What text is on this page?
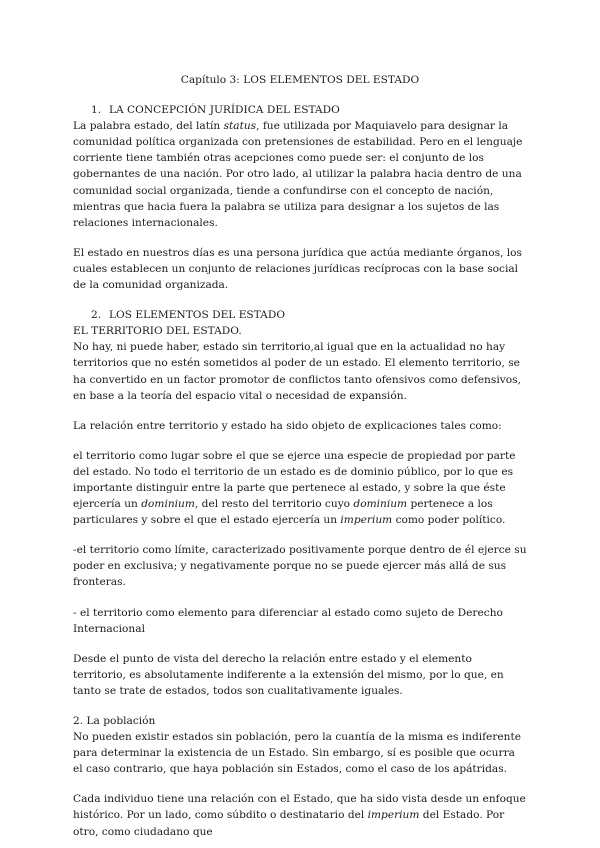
Capítulo 3: LOS ELEMENTOS DEL ESTADO
1. LA CONCEPCIÓN JURÍDICA DEL ESTADO

La palabra estado, del latín status, fue utilizada por Maquiavelo para designar la comunidad política organizada con pretensiones de estabilidad. Pero en el lenguaje corriente tiene también otras acepciones como puede ser: el conjunto de los gobernantes de una nación. Por otro lado, al utilizar la palabra hacia dentro de una comunidad social organizada, tiende a confundirse con el concepto de nación, mientras que hacia fuera la palabra se utiliza para designar a los sujetos de las relaciones internacionales.

El estado en nuestros días es una persona jurídica que actúa mediante órganos, los cuales establecen un conjunto de relaciones jurídicas recíprocas con la base social de la comunidad organizada.

2. LOS ELEMENTOS DEL ESTADO
EL TERRITORIO DEL ESTADO.

No hay, ni puede haber, estado sin territorio,al igual que en la actualidad no hay territorios que no estén sometidos al poder de un estado. El elemento territorio, se ha convertido en un factor promotor de conflictos tanto ofensivos como defensivos, en base a la teoría del espacio vital o necesidad de expansión.

La relación entre territorio y estado ha sido objeto de explicaciones tales como:

el territorio como lugar sobre el que se ejerce una especie de propiedad por parte del estado. No todo el territorio de un estado es de dominio público, por lo que es importante distinguir entre la parte que pertenece al estado, y sobre la que éste ejercería un dominium, del resto del territorio cuyo dominium pertenece a los particulares y sobre el que el estado ejercería un imperium como poder político.

-el territorio como límite, caracterizado positivamente porque dentro de él ejerce su poder en exclusiva; y negativamente porque no se puede ejercer más allá de sus fronteras.

- el territorio como elemento para diferenciar al estado como sujeto de Derecho Internacional

Desde el punto de vista del derecho la relación entre estado y el elemento territorio, es absolutamente indiferente a la extensión del mismo, por lo que, en tanto se trate de estados, todos son cualitativamente iguales.

2. La población

No pueden existir estados sin población, pero la cuantía de la misma es indiferente para determinar la existencia de un Estado. Sin embargo, sí es posible que ocurra el caso contrario, que haya población sin Estados, como el caso de los apátridas.

Cada individuo tiene una relación con el Estado, que ha sido vista desde un enfoque histórico. Por un lado, como súbdito o destinatario del imperium del Estado. Por otro, como ciudadano que
